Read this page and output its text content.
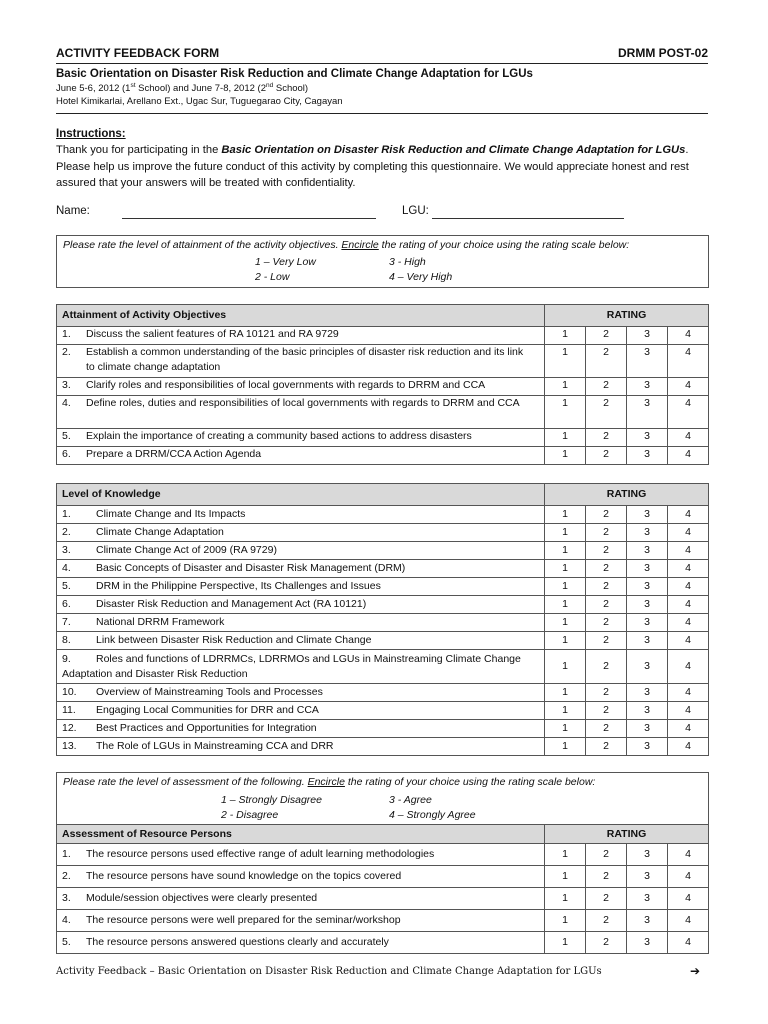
ACTIVITY FEEDBACK FORM	DRMM POST-02
Basic Orientation on Disaster Risk Reduction and Climate Change Adaptation for LGUs
June 5-6, 2012 (1st School) and June 7-8, 2012 (2nd School)
Hotel Kimikarlai, Arellano Ext., Ugac Sur, Tuguegarao City, Cagayan
Instructions:
Thank you for participating in the Basic Orientation on Disaster Risk Reduction and Climate Change Adaptation for LGUs. Please help us improve the future conduct of this activity by completing this questionnaire. We would appreciate honest and rest assured that your answers will be treated with confidentiality.
Name:	LGU:
Please rate the level of attainment of the activity objectives. Encircle the rating of your choice using the rating scale below:
1 – Very Low
2 - Low
3 - High
4 – Very High
Attainment of Activity Objectives	RATING			
1. Discuss the salient features of RA 10121 and RA 9729	1	2	3	4
2. Establish a common understanding of the basic principles of disaster risk reduction and its link to climate change adaptation	1	2	3	4
3. Clarify roles and responsibilities of local governments with regards to DRRM and CCA	1	2	3	4
4. Define roles, duties and responsibilities of local governments with regards to DRRM and CCA	1	2	3	4
5. Explain the importance of creating a community based actions to address disasters	1	2	3	4
6. Prepare a DRRM/CCA Action Agenda	1	2	3	4
Level of Knowledge	RATING			
1. Climate Change and Its Impacts	1	2	3	4
2. Climate Change Adaptation	1	2	3	4
3. Climate Change Act of 2009 (RA 9729)	1	2	3	4
4. Basic Concepts of Disaster and Disaster Risk Management (DRM)	1	2	3	4
5. DRM in the Philippine Perspective, Its Challenges and Issues	1	2	3	4
6. Disaster Risk Reduction and Management Act (RA 10121)	1	2	3	4
7. National DRRM Framework	1	2	3	4
8. Link between Disaster Risk Reduction and Climate Change	1	2	3	4
9. Roles and functions of LDRRMCs, LDRRMOs and LGUs in Mainstreaming Climate Change Adaptation and Disaster Risk Reduction	1	2	3	4
10. Overview of Mainstreaming Tools and Processes	1	2	3	4
11. Engaging Local Communities for DRR and CCA	1	2	3	4
12. Best Practices and Opportunities for Integration	1	2	3	4
13. The Role of LGUs in Mainstreaming CCA and DRR	1	2	3	4
Please rate the level of assessment of the following. Encircle the rating of your choice using the rating scale below:
1 – Strongly Disagree
2 - Disagree
3 - Agree
4 – Strongly Agree
Assessment of Resource Persons	RATING			
1. The resource persons used effective range of adult learning methodologies	1	2	3	4
2. The resource persons have sound knowledge on the topics covered	1	2	3	4
3. Module/session objectives were clearly presented	1	2	3	4
4. The resource persons were well prepared for the seminar/workshop	1	2	3	4
5. The resource persons answered questions clearly and accurately	1	2	3	4
Activity Feedback – Basic Orientation on Disaster Risk Reduction and Climate Change Adaptation for LGUs	➔
